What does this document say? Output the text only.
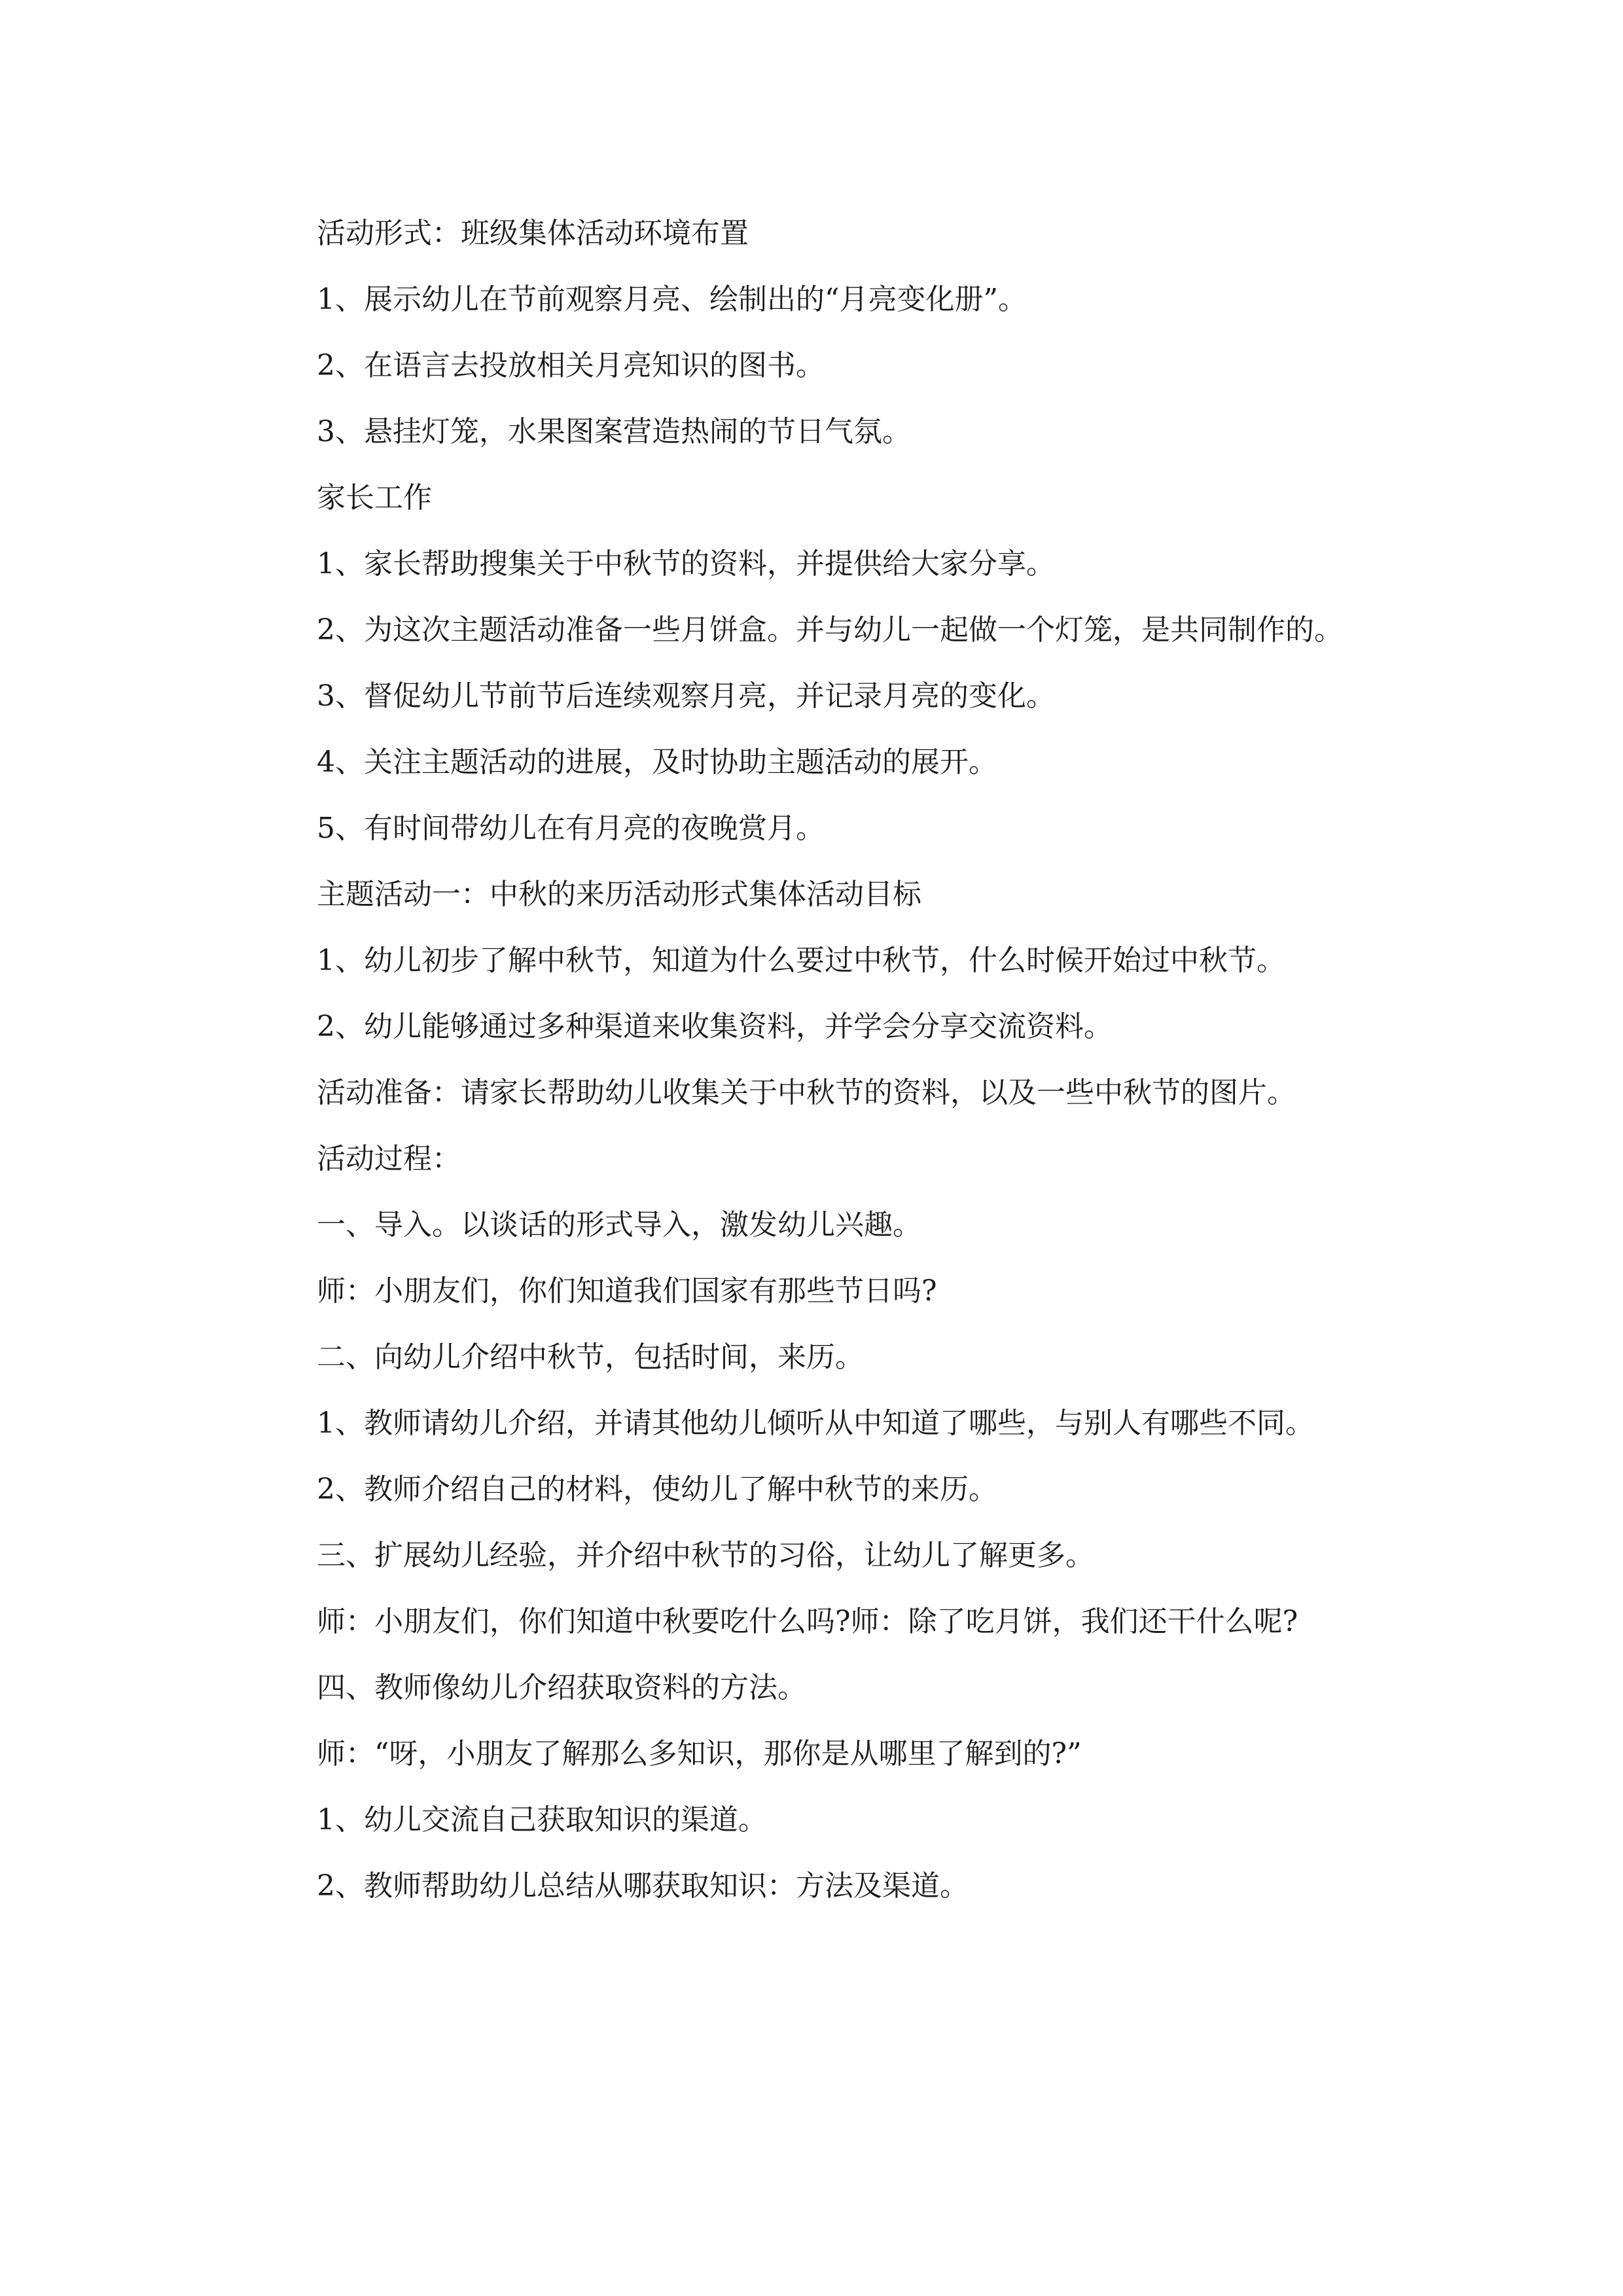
活动形式：班级集体活动环境布置

1、展示幼儿在节前观察月亮、绘制出的“月亮变化册”。

2、在语言去投放相关月亮知识的图书。

3、悬挂灯笼，水果图案营造热闹的节日气氛。

家长工作

1、家长帮助搜集关于中秋节的资料，并提供给大家分享。

2、为这次主题活动准备一些月饼盒。并与幼儿一起做一个灯笼，是共同制作的。

3、督促幼儿节前节后连续观察月亮，并记录月亮的变化。

4、关注主题活动的进展，及时协助主题活动的展开。

5、有时间带幼儿在有月亮的夜晚赏月。

主题活动一：中秋的来历活动形式集体活动目标

1、幼儿初步了解中秋节，知道为什么要过中秋节，什么时候开始过中秋节。

2、幼儿能够通过多种渠道来收集资料，并学会分享交流资料。

活动准备：请家长帮助幼儿收集关于中秋节的资料，以及一些中秋节的图片。

活动过程：

一、导入。以谈话的形式导入，激发幼儿兴趣。

师：小朋友们，你们知道我们国家有那些节日吗?

二、向幼儿介绍中秋节，包括时间，来历。

1、教师请幼儿介绍，并请其他幼儿倾听从中知道了哪些，与别人有哪些不同。

2、教师介绍自己的材料，使幼儿了解中秋节的来历。

三、扩展幼儿经验，并介绍中秋节的习俗，让幼儿了解更多。

师：小朋友们，你们知道中秋要吃什么吗?师：除了吃月饼，我们还干什么呢?

四、教师像幼儿介绍获取资料的方法。

师：“呀，小朋友了解那么多知识，那你是从哪里了解到的?”

1、幼儿交流自己获取知识的渠道。

2、教师帮助幼儿总结从哪获取知识：方法及渠道。
